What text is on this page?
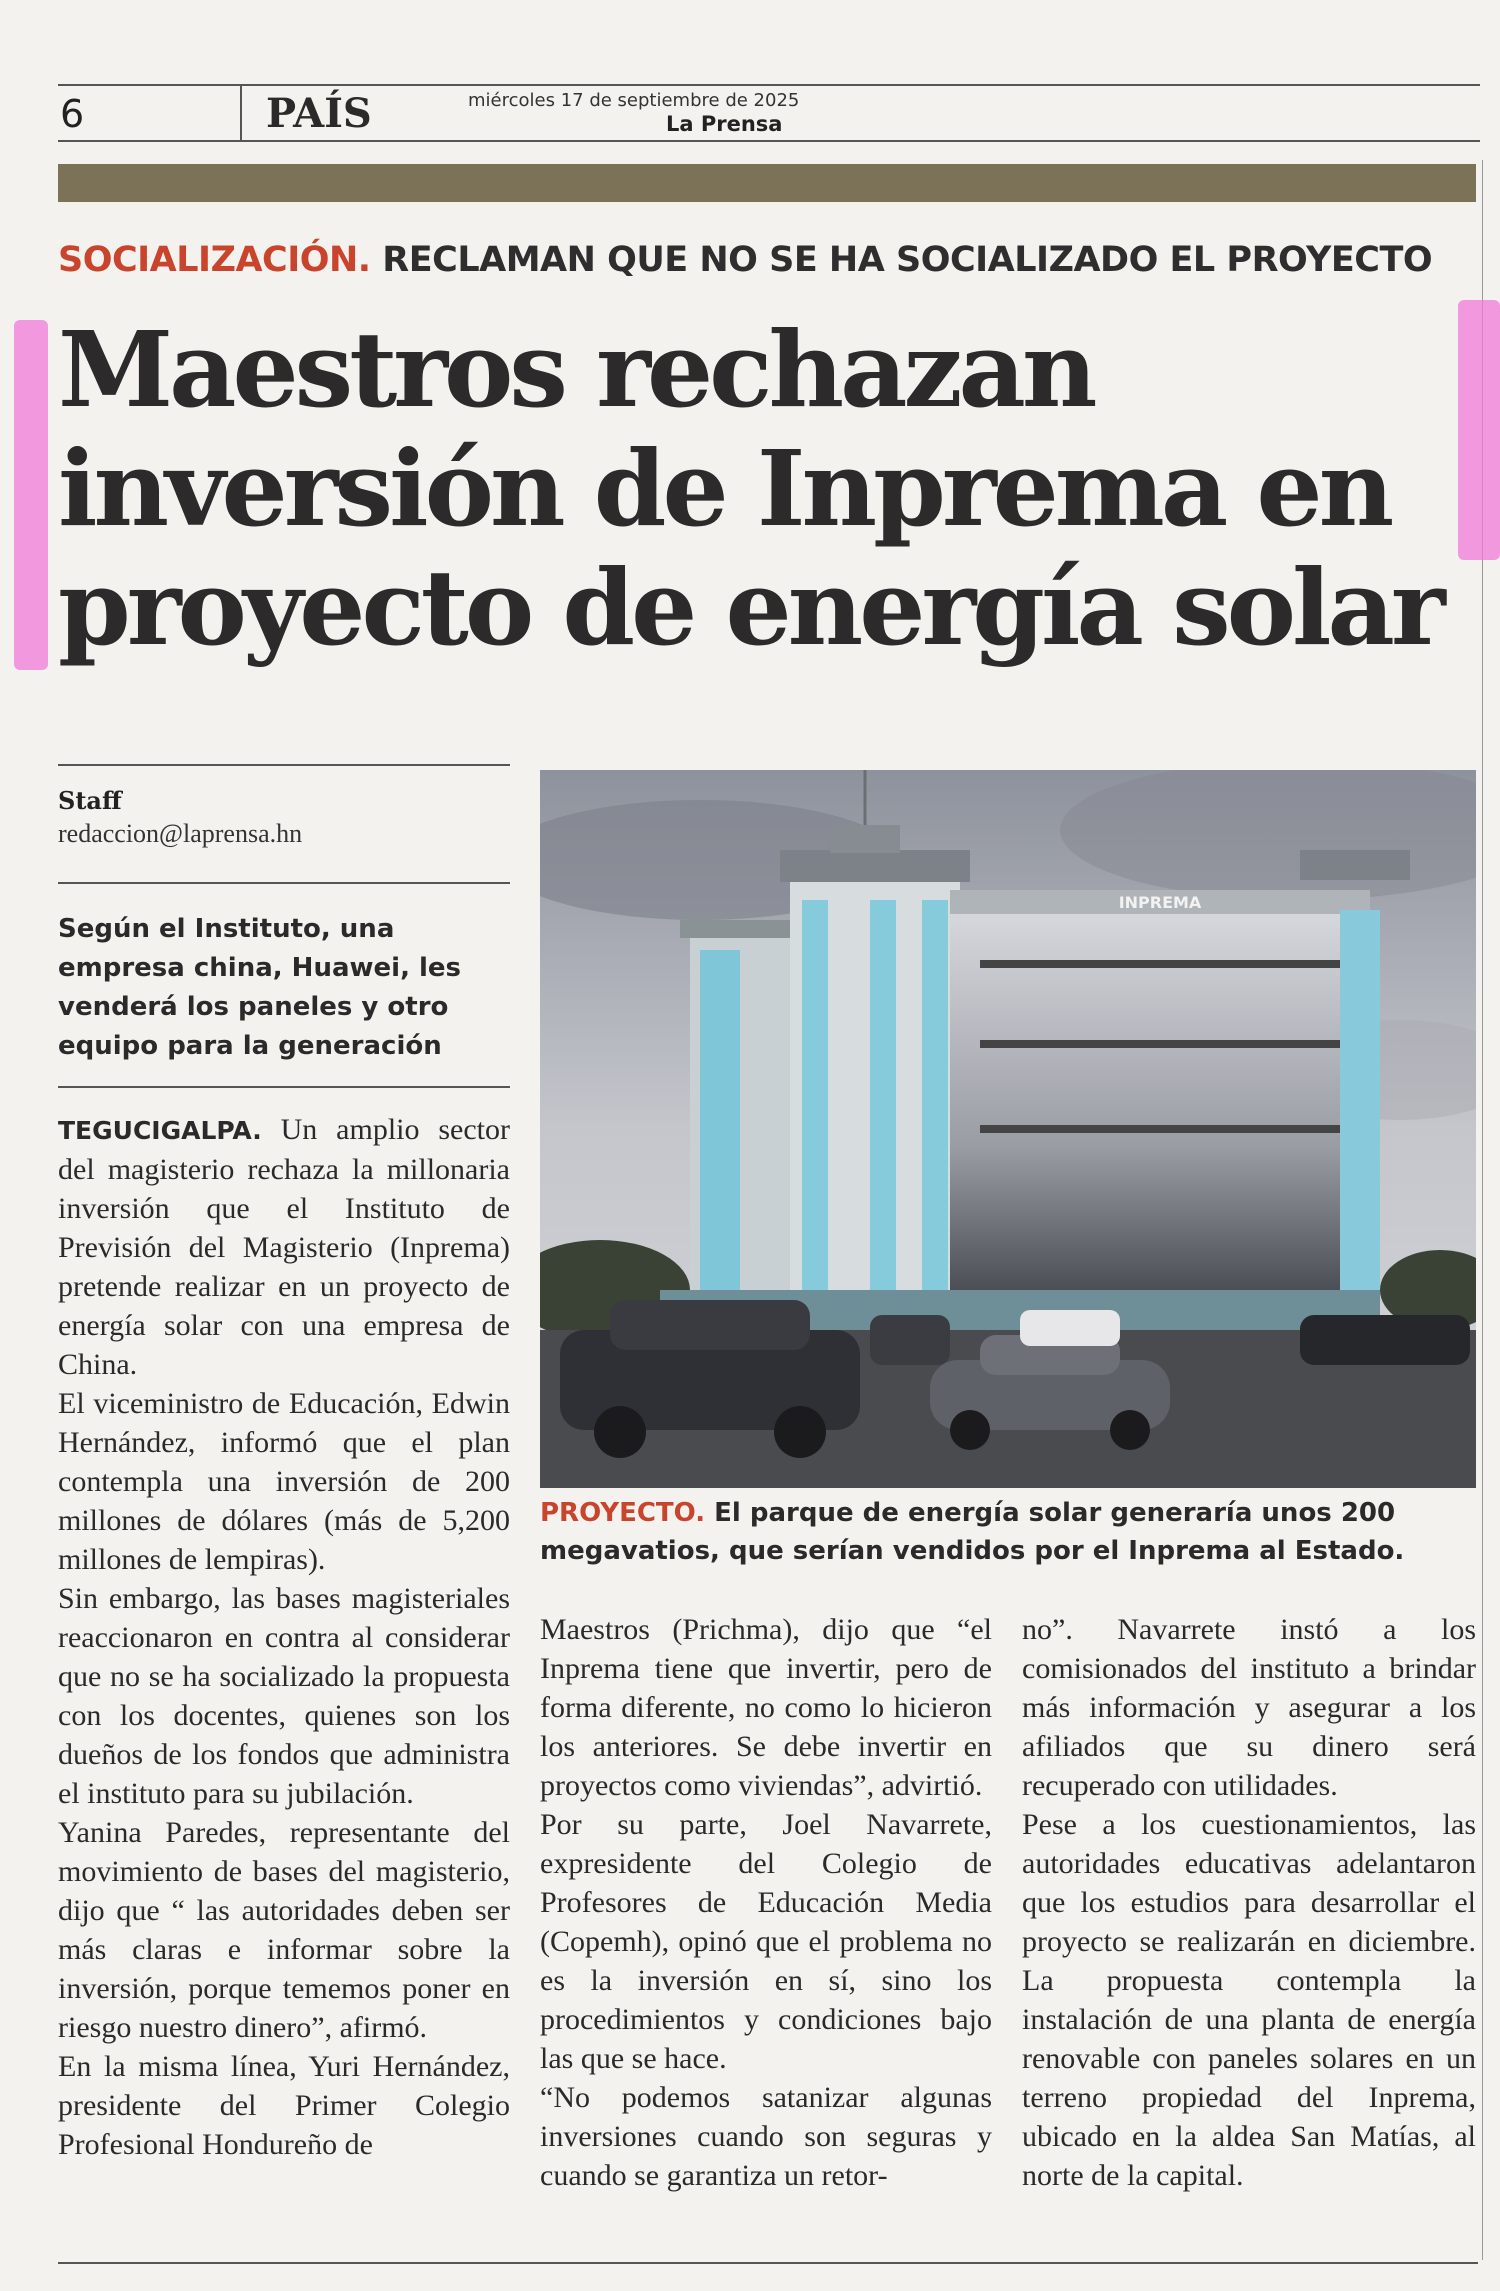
6	PAÍS	miércoles 17 de septiembre de 2025
La Prensa
SOCIALIZACIÓN. RECLAMAN QUE NO SE HA SOCIALIZADO EL PROYECTO
Maestros rechazan
inversión de Inprema en
proyecto de energía solar
Staff
redaccion@laprensa.hn
Según el Instituto, una empresa china, Huawei, les venderá los paneles y otro equipo para la generación
INPREMA
PROYECTO. El parque de energía solar generaría unos 200 megavatios, que serían vendidos por el Inprema al Estado.

TEGUCIGALPA. Un amplio sector del magisterio rechaza la millonaria inversión que el Instituto de Previsión del Magisterio (Inprema) pretende realizar en un proyecto de energía solar con una empresa de China.

El viceministro de Educación, Edwin Hernández, informó que el plan contempla una inversión de 200 millones de dólares (más de 5,200 millones de lempiras).

Sin embargo, las bases magisteriales reaccionaron en contra al considerar que no se ha socializado la propuesta con los docentes, quienes son los dueños de los fondos que administra el instituto para su jubilación.

Yanina Paredes, representante del movimiento de bases del magisterio, dijo que “ las autoridades deben ser más claras e informar sobre la inversión, porque tememos poner en riesgo nuestro dinero”, afirmó.

En la misma línea, Yuri Hernández, presidente del Primer Colegio Profesional Hondureño de

Maestros (Prichma), dijo que “el Inprema tiene que invertir, pero de forma diferente, no como lo hicieron los anteriores. Se debe invertir en proyectos como viviendas”, advirtió.

Por su parte, Joel Navarrete, expresidente del Colegio de Profesores de Educación Media (Copemh), opinó que el problema no es la inversión en sí, sino los procedimientos y condiciones bajo las que se hace.

“No podemos satanizar algunas inversiones cuando son seguras y cuando se garantiza un retor-

no”. Navarrete instó a los comisionados del instituto a brindar más información y asegurar a los afiliados que su dinero será recuperado con utilidades.

Pese a los cuestionamientos, las autoridades educativas adelantaron que los estudios para desarrollar el proyecto se realizarán en diciembre. La propuesta contempla la instalación de una planta de energía renovable con paneles solares en un terreno propiedad del Inprema, ubicado en la aldea San Matías, al norte de la capital.
